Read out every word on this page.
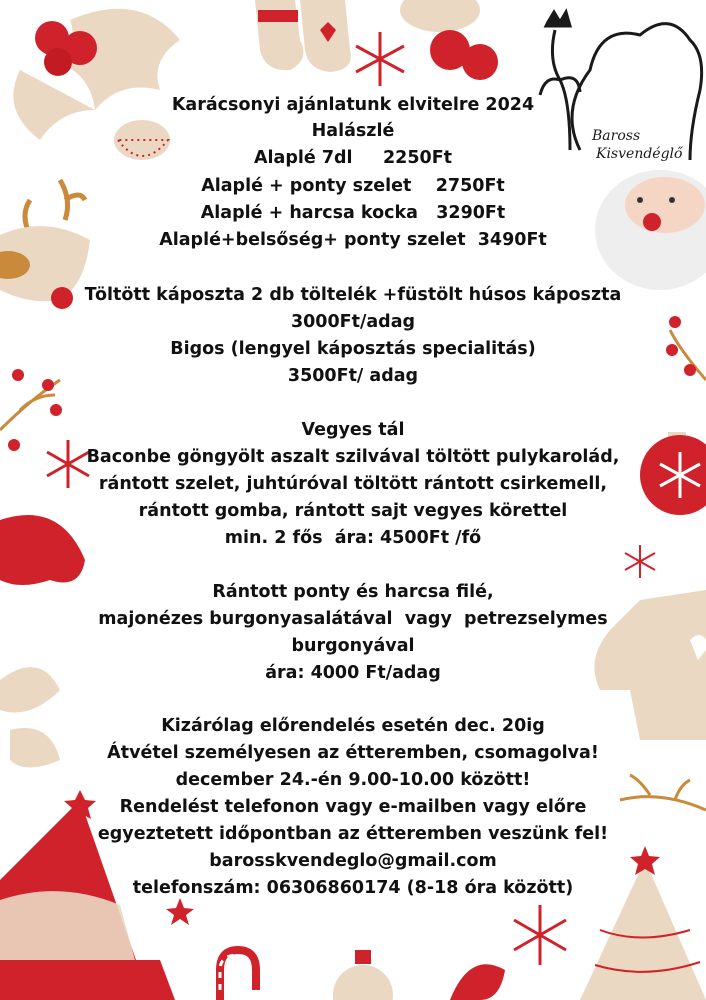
Baross
Kisvendéglő
Karácsonyi ajánlatunk elvitelre 2024
Halászlé
Alaplé 7dl     2250Ft
Alaplé + ponty szelet    2750Ft
Alaplé + harcsa kocka   3290Ft
Alaplé+belsőség+ ponty szelet  3490Ft
Töltött káposzta 2 db töltelék +füstölt húsos káposzta
3000Ft/adag
Bigos (lengyel káposztás specialitás)
3500Ft/ adag
Vegyes tál
Baconbe göngyölt aszalt szilvával töltött pulykarolád,
rántott szelet, juhtúróval töltött rántott csirkemell,
rántott gomba, rántott sajt vegyes körettel
min. 2 fős  ára: 4500Ft /fő
Rántott ponty és harcsa filé,
majonézes burgonyasalátával  vagy  petrezselymes
burgonyával
ára: 4000 Ft/adag
Kizárólag előrendelés esetén dec. 20ig
Átvétel személyesen az étteremben, csomagolva!
december 24.-én 9.00-10.00 között!
Rendelést telefonon vagy e-mailben vagy előre
egyeztetett időpontban az étteremben veszünk fel!
barosskvendeglo@gmail.com
telefonszám: 06306860174 (8-18 óra között)
